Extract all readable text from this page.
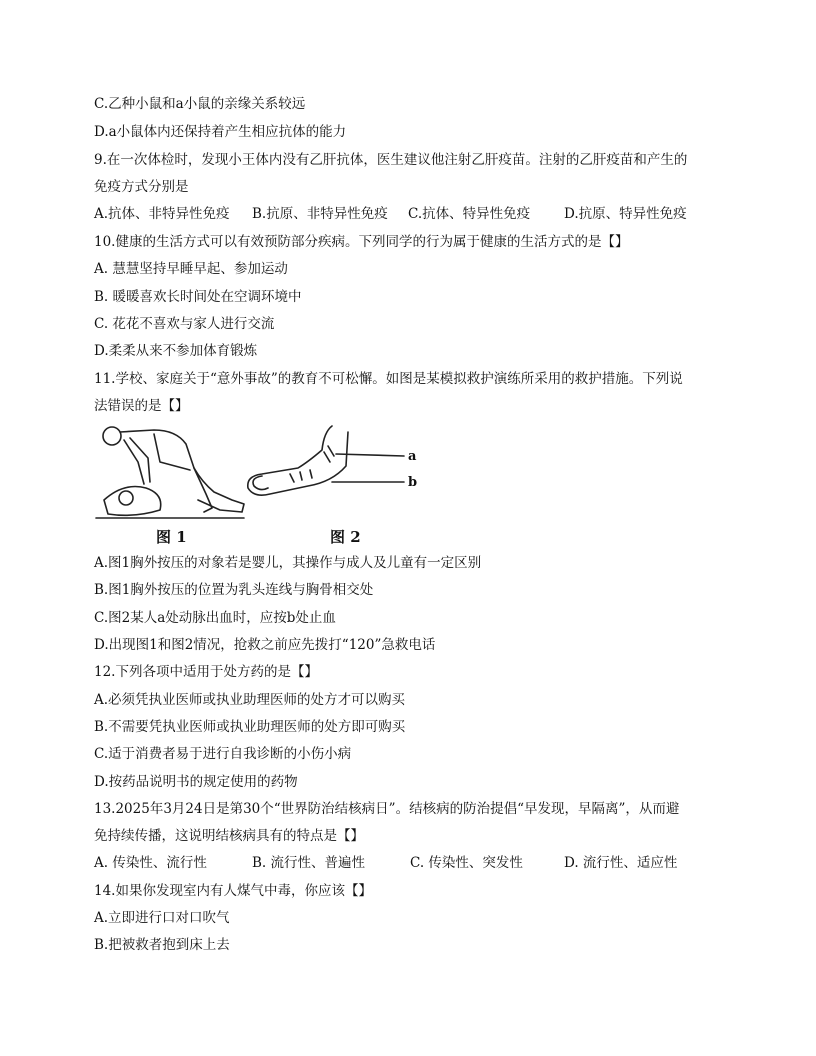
C.乙种小鼠和a小鼠的亲缘关系较远
D.a小鼠体内还保持着产生相应抗体的能力
9.在一次体检时，发现小王体内没有乙肝抗体，医生建议他注射乙肝疫苗。注射的乙肝疫苗和产生的
免疫方式分别是
A.抗体、非特异性免疫 B.抗原、非特异性免疫 C.抗体、特异性免疫	D.抗原、特异性免疫
10.健康的生活方式可以有效预防部分疾病。下列同学的行为属于健康的生活方式的是【】
A. 慧慧坚持早睡早起、参加运动
B. 暖暖喜欢长时间处在空调环境中
C. 花花不喜欢与家人进行交流
D.柔柔从来不参加体育锻炼
11.学校、家庭关于“意外事故”的教育不可松懈。如图是某模拟救护演练所采用的救护措施。下列说
法错误的是【】
a
b
图 1	图 2
A.图1胸外按压的对象若是婴儿，其操作与成人及儿童有一定区别
B.图1胸外按压的位置为乳头连线与胸骨相交处
C.图2某人a处动脉出血时，应按b处止血
D.出现图1和图2情况，抢救之前应先拨打“120”急救电话
12.下列各项中适用于处方药的是【】
A.必须凭执业医师或执业助理医师的处方才可以购买
B.不需要凭执业医师或执业助理医师的处方即可购买
C.适于消费者易于进行自我诊断的小伤小病
D.按药品说明书的规定使用的药物
13.2025年3月24日是第30个“世界防治结核病日”。结核病的防治提倡“早发现，早隔离”，从而避
免持续传播，这说明结核病具有的特点是【】
A. 传染性、流行性	B. 流行性、普遍性	C. 传染性、突发性	D. 流行性、适应性
14.如果你发现室内有人煤气中毒，你应该【】
A.立即进行口对口吹气
B.把被救者抱到床上去
